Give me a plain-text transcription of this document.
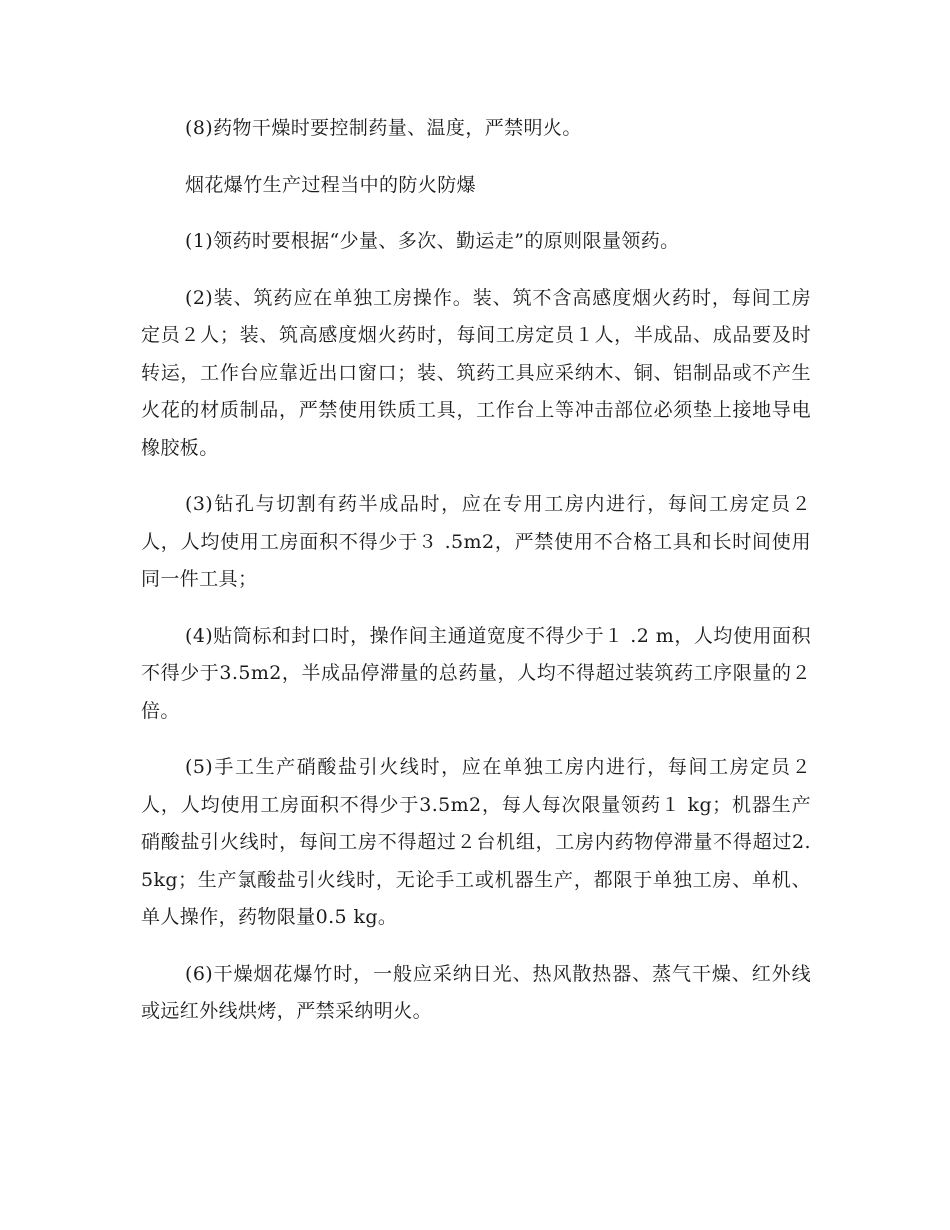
(8)药物干燥时要控制药量、温度，严禁明火。

烟花爆竹生产过程当中的防火防爆

(1)领药时要根据“少量、多次、勤运走”的原则限量领药。

(2)装、筑药应在单独工房操作。装、筑不含高感度烟火药时，每间工房定员２人；装、筑高感度烟火药时，每间工房定员１人，半成品、成品要及时转运，工作台应靠近出口窗口；装、筑药工具应采纳木、铜、铝制品或不产生火花的材质制品，严禁使用铁质工具，工作台上等冲击部位必须垫上接地导电橡胶板。

(3)钻孔与切割有药半成品时，应在专用工房内进行，每间工房定员２人，人均使用工房面积不得少于３ .5m2，严禁使用不合格工具和长时间使用同一件工具；

(4)贴筒标和封口时，操作间主通道宽度不得少于１ .2 m，人均使用面积不得少于3.5m2，半成品停滞量的总药量，人均不得超过装筑药工序限量的２倍。

(5)手工生产硝酸盐引火线时，应在单独工房内进行，每间工房定员２人，人均使用工房面积不得少于3.5m2，每人每次限量领药１ kg；机器生产硝酸盐引火线时，每间工房不得超过２台机组，工房内药物停滞量不得超过2.5kg；生产氯酸盐引火线时，无论手工或机器生产，都限于单独工房、单机、单人操作，药物限量0.5 kg。

(6)干燥烟花爆竹时，一般应采纳日光、热风散热器、蒸气干燥、红外线或远红外线烘烤，严禁采纳明火。
